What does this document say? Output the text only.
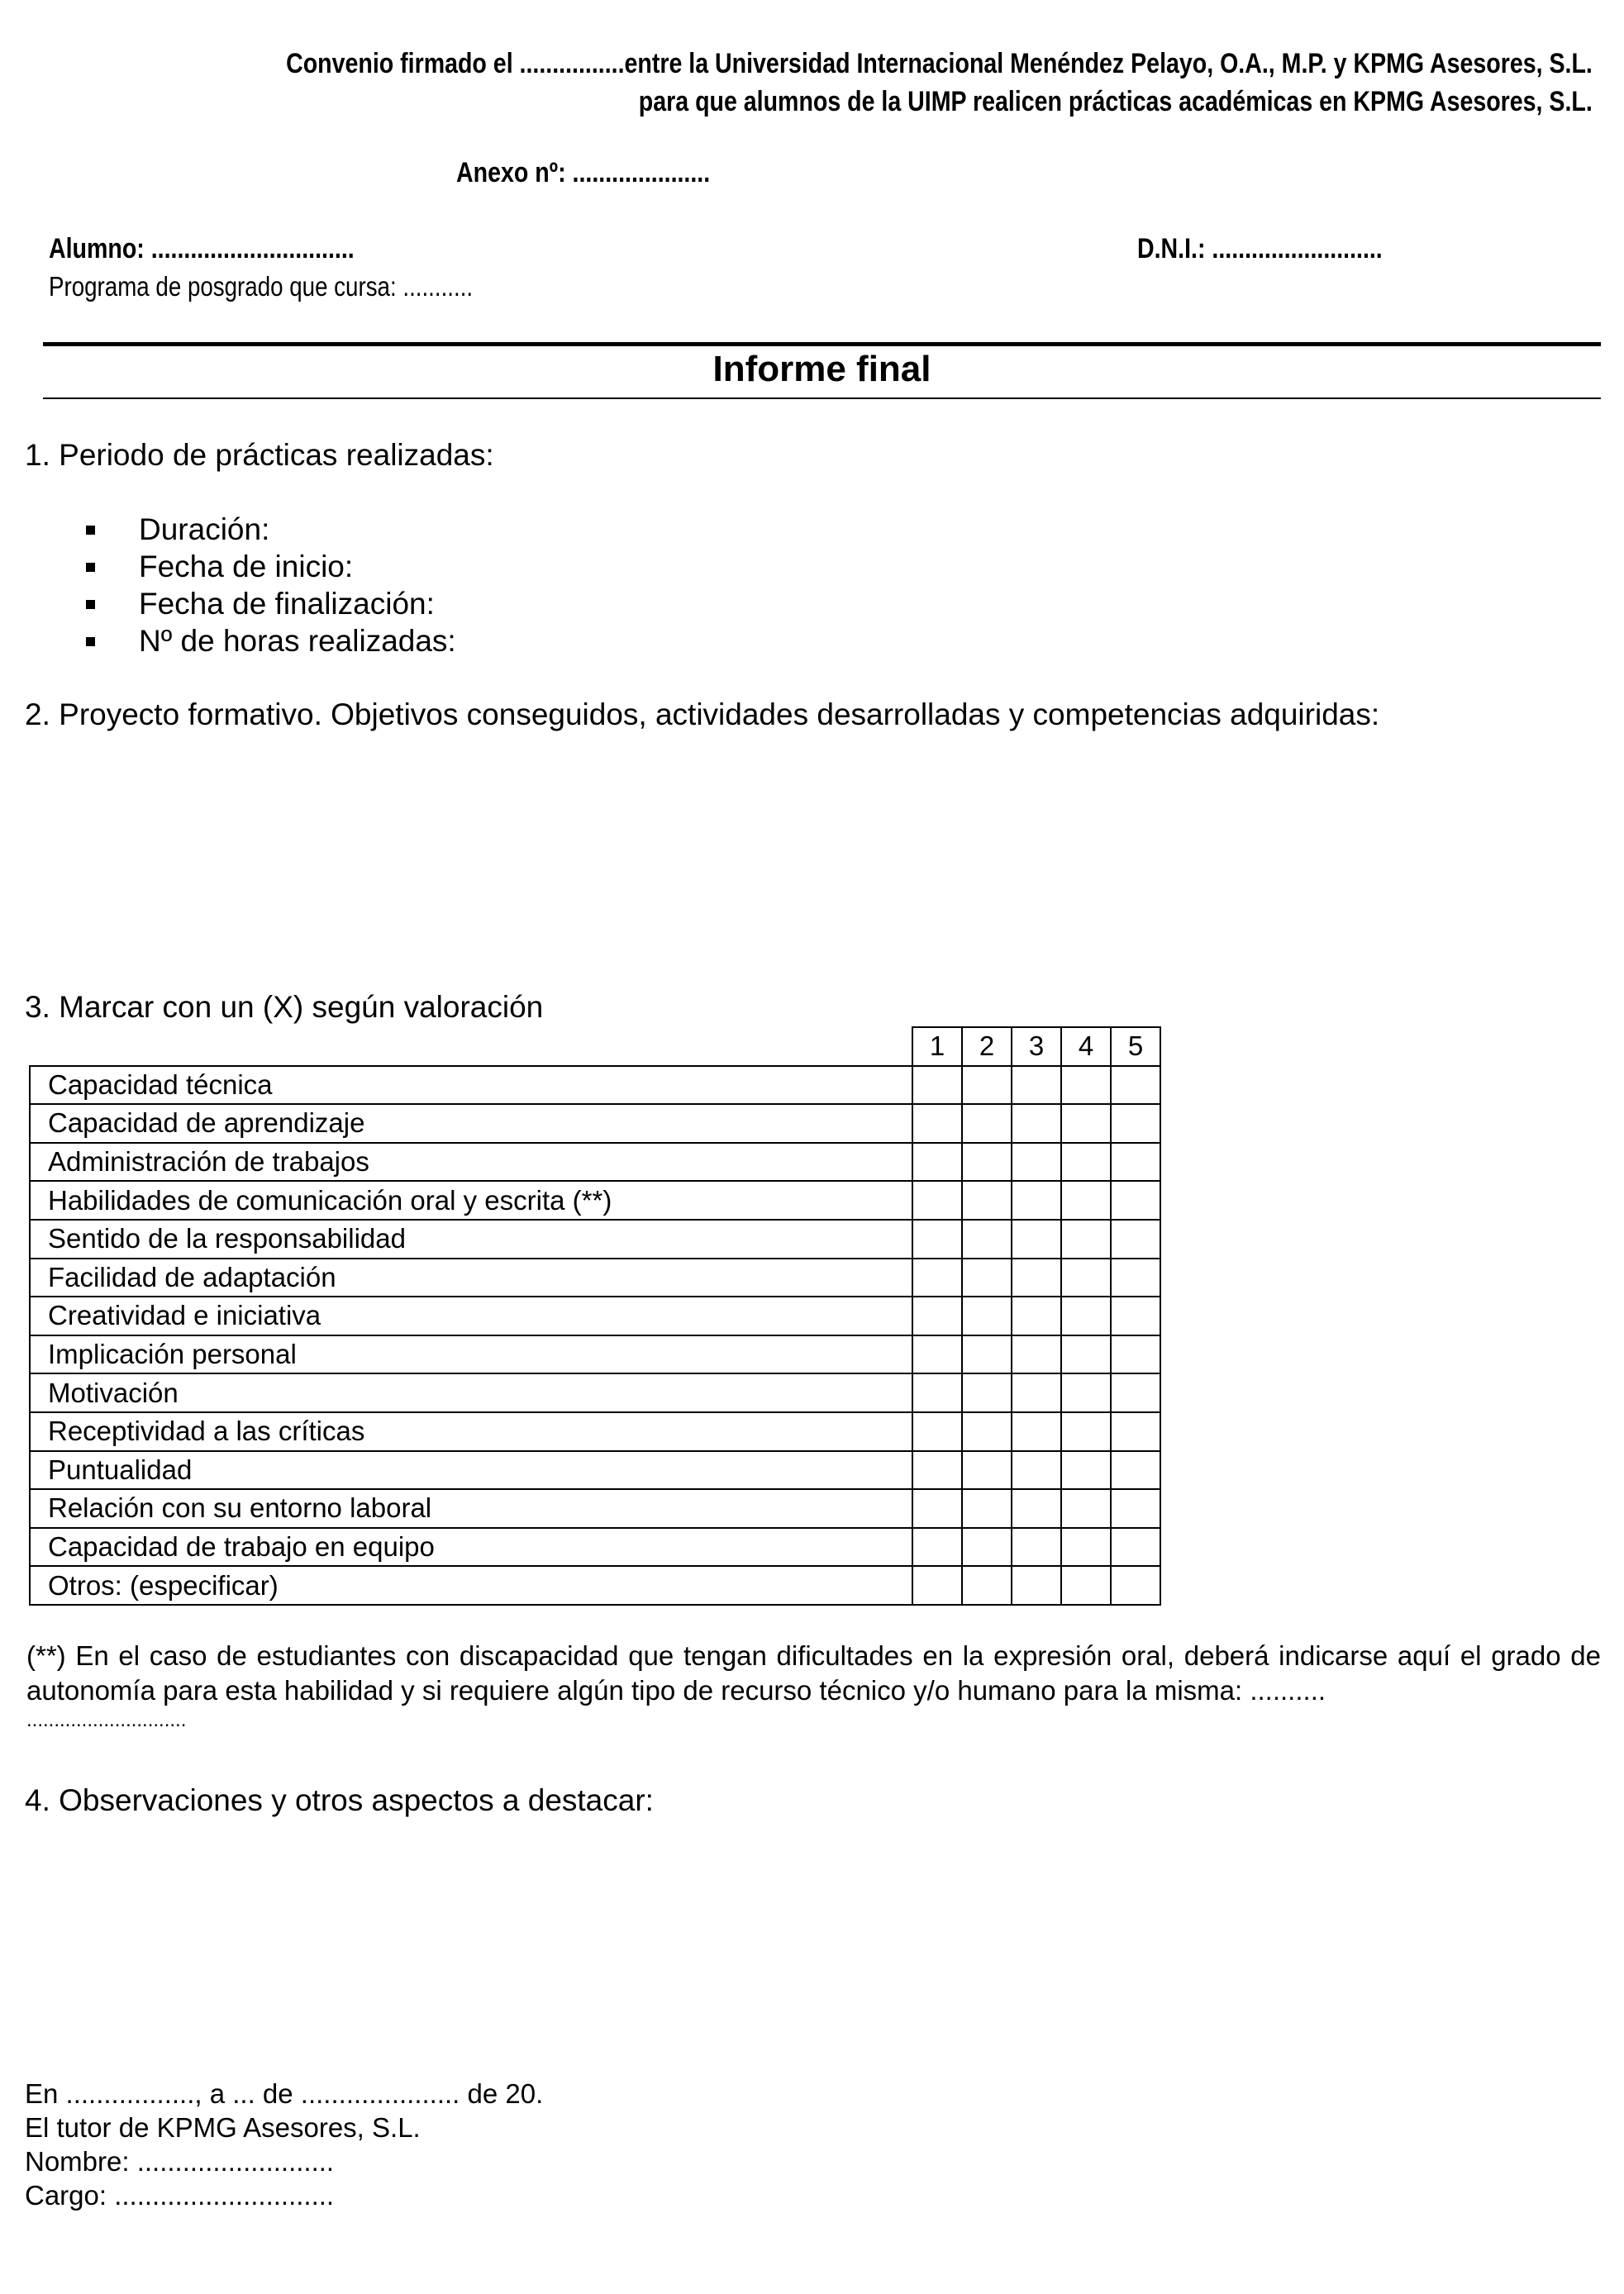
Convenio firmado el ................entre la Universidad Internacional Menéndez Pelayo, O.A., M.P. y KPMG Asesores, S.L.
para que alumnos de la UIMP realicen prácticas académicas en KPMG Asesores, S.L.
Anexo nº: .....................
Alumno: ...............................	D.N.I.: ..........................
Programa de posgrado que cursa: ...........
Informe final
1. Periodo de prácticas realizadas:
Duración:
Fecha de inicio:
Fecha de finalización:
Nº de horas realizadas:
2. Proyecto formativo. Objetivos conseguidos, actividades desarrolladas y competencias adquiridas:
3. Marcar con un (X) según valoración
	1	2	3	4	5
Capacidad técnica					
Capacidad de aprendizaje					
Administración de trabajos					
Habilidades de comunicación oral y escrita (**)					
Sentido de la responsabilidad					
Facilidad de adaptación					
Creatividad e iniciativa					
Implicación personal					
Motivación					
Receptividad a las críticas					
Puntualidad					
Relación con su entorno laboral					
Capacidad de trabajo en equipo					
Otros: (especificar)					
(**) En el caso de estudiantes con discapacidad que tengan dificultades en la expresión oral, deberá indicarse aquí el grado de autonomía para esta habilidad y si requiere algún tipo de recurso técnico y/o humano para la misma: ..........
.............................
4. Observaciones y otros aspectos a destacar:
En ................., a ... de ..................... de 20.
El tutor de KPMG Asesores, S.L.
Nombre: ..........................
Cargo: .............................
